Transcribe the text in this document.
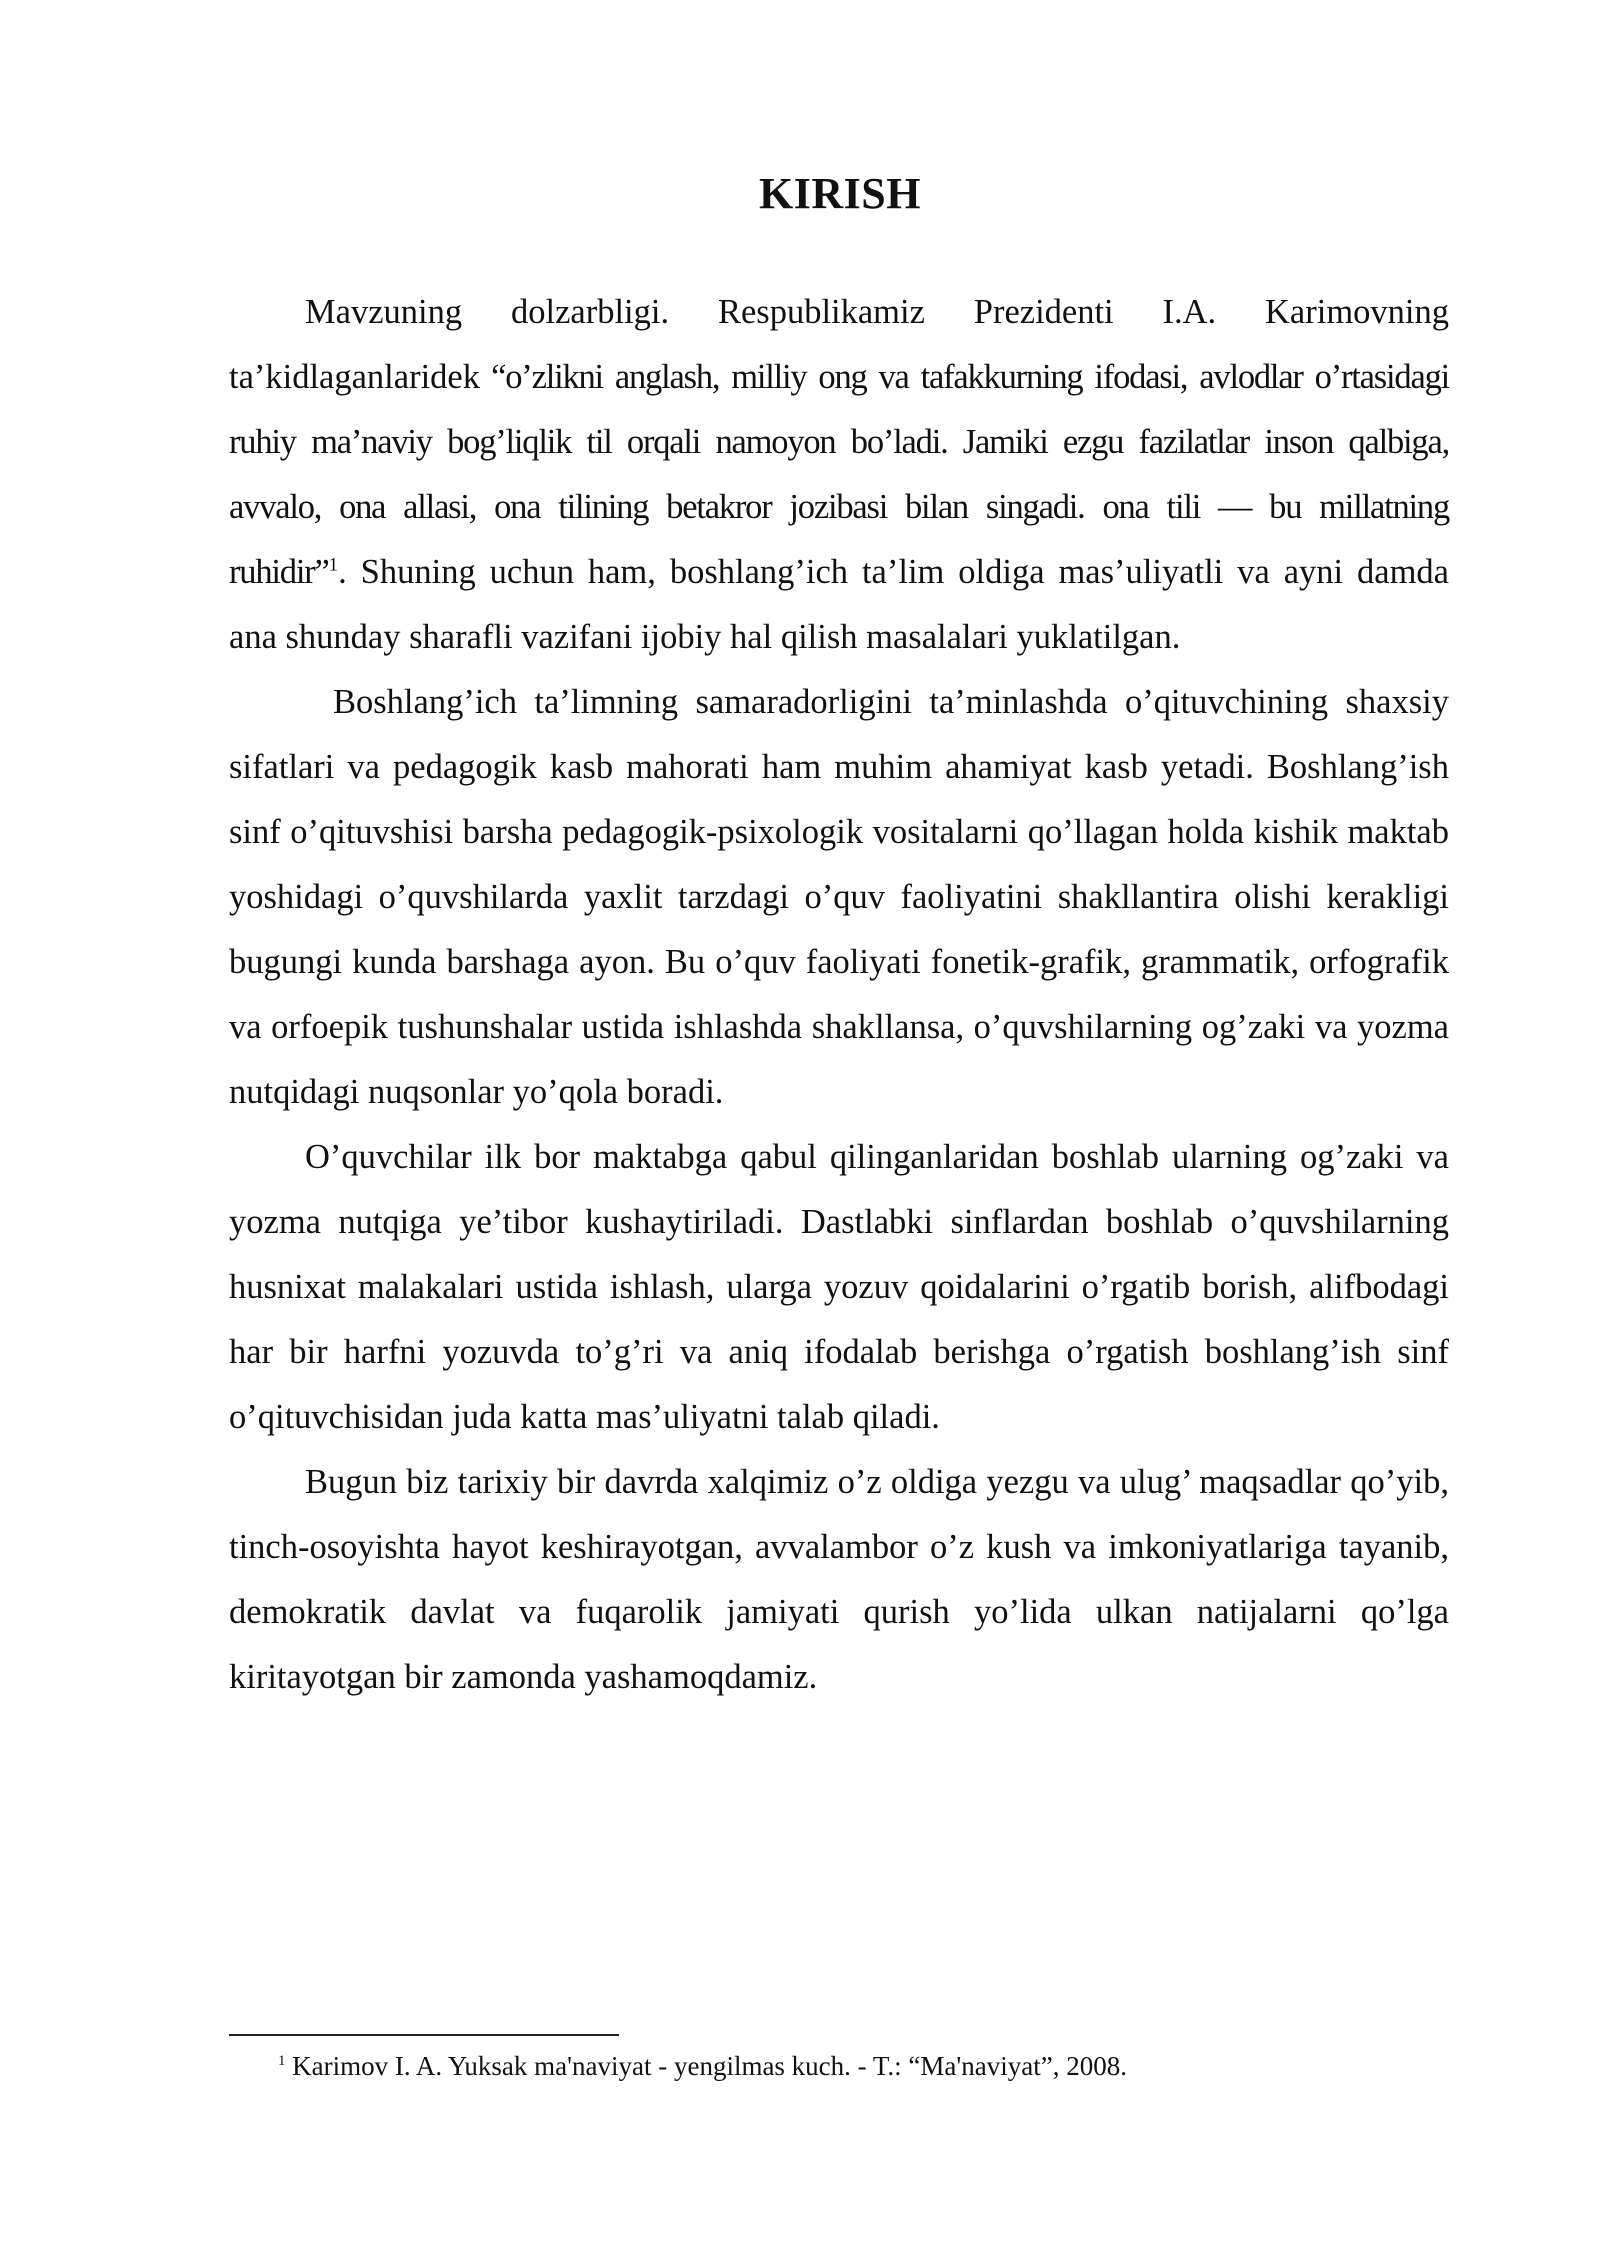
KIRISH

Mavzuning dolzarbligi. Respublikamiz Prezidenti I.A. Karimovning ta’kidlaganlaridek “o’zlikni anglash, milliy ong va tafakkurning ifodasi, avlodlar o’rtasidagi ruhiy ma’naviy bog’liqlik til orqali namoyon bo’ladi. Jamiki ezgu fazilatlar inson qalbiga, avvalo, ona allasi, ona tilining betakror jozibasi bilan singadi. ona tili — bu millatning ruhidir”$^1$. Shuning uchun ham, boshlang’ich ta’lim oldiga mas’uliyatli va ayni damda ana shunday sharafli vazifani ijobiy hal qilish masalalari yuklatilgan.

Boshlang’ich ta’limning samaradorligini ta’minlashda o’qituvchining shaxsiy sifatlari va pedagogik kasb mahorati ham muhim ahamiyat kasb yetadi. Boshlang’ish sinf o’qituvshisi barsha pedagogik-psixologik vositalarni qo’llagan holda kishik maktab yoshidagi o’quvshilarda yaxlit tarzdagi o’quv faoliyatini shakllantira olishi kerakligi bugungi kunda barshaga ayon. Bu o’quv faoliyati fonetik-grafik, grammatik, orfografik va orfoepik tushunshalar ustida ishlashda shakllansa, o’quvshilarning og’zaki va yozma nutqidagi nuqsonlar yo’qola boradi.

O’quvchilar ilk bor maktabga qabul qilinganlaridan boshlab ularning og’zaki va yozma nutqiga ye’tibor kushaytiriladi. Dastlabki sinflardan boshlab o’quvshilarning husnixat malakalari ustida ishlash, ularga yozuv qoidalarini o’rgatib borish, alifbodagi har bir harfni yozuvda to’g’ri va aniq ifodalab berishga o’rgatish boshlang’ish sinf o’qituvchisidan juda katta mas’uliyatni talab qiladi.

Bugun biz tarixiy bir davrda xalqimiz o’z oldiga yezgu va ulug’ maqsadlar qo’yib, tinch-osoyishta hayot keshirayotgan, avvalambor o’z kush va imkoniyatlariga tayanib, demokratik davlat va fuqarolik jamiyati qurish yo’lida ulkan natijalarni qo’lga kiritayotgan bir zamonda yashamoqdamiz.

$^1$ Karimov I. A. Yuksak ma'naviyat - yengilmas kuch. - T.: “Ma'naviyat”, 2008.
